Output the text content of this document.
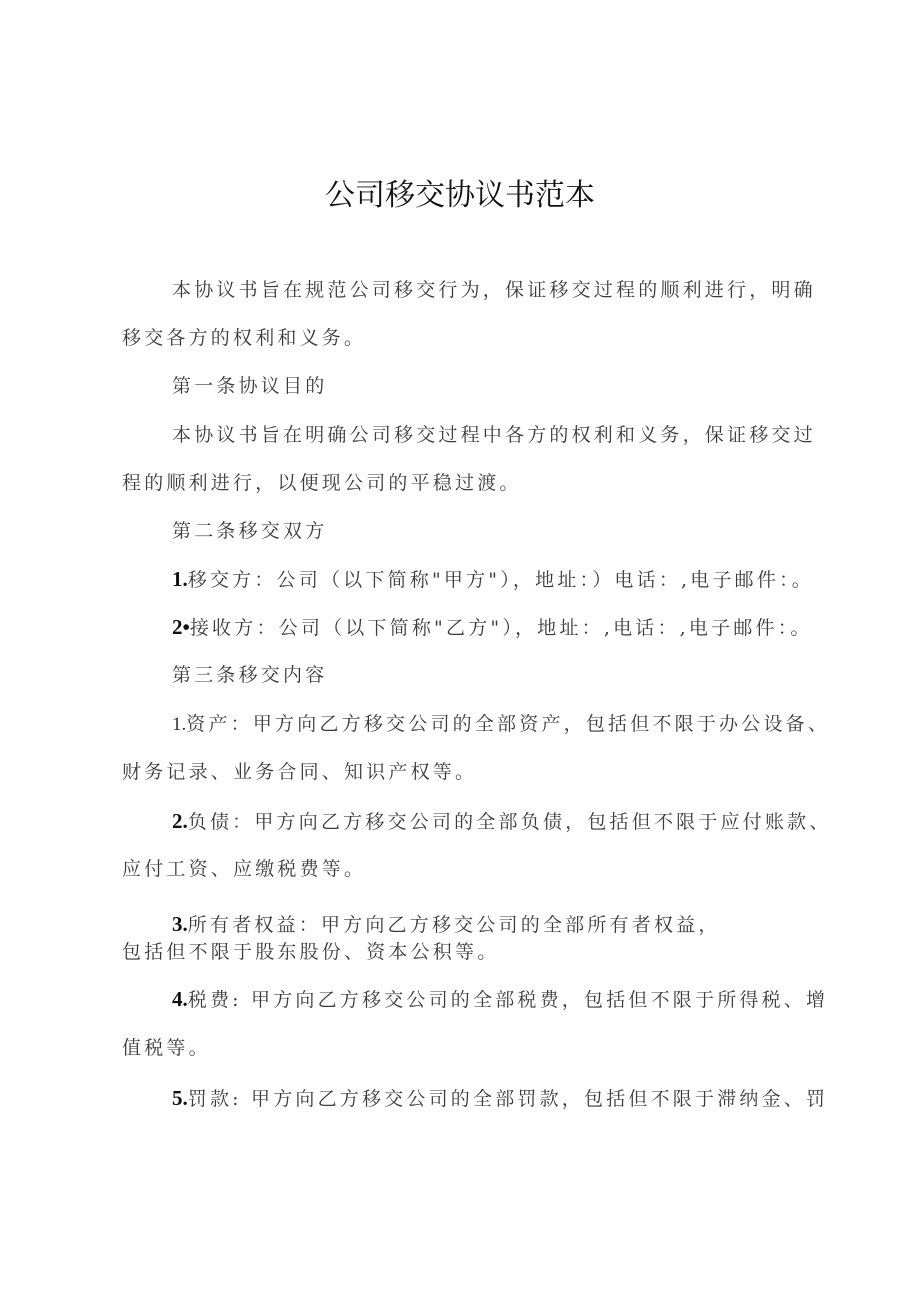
公司移交协议书范本
本协议书旨在规范公司移交行为，保证移交过程的顺利进行，明确
移交各方的权利和义务。
第一条协议目的
本协议书旨在明确公司移交过程中各方的权利和义务，保证移交过
程的顺利进行，以便现公司的平稳过渡。
第二条移交双方
1.移交方：公司（以下简称"甲方"），地址：）电话：,电子邮件：。
2•接收方：公司（以下简称"乙方"），地址：,电话：,电子邮件：。
第三条移交内容
1.资产：甲方向乙方移交公司的全部资产，包括但不限于办公设备、
财务记录、业务合同、知识产权等。
2.负债：甲方向乙方移交公司的全部负债，包括但不限于应付账款、
应付工资、应缴税费等。
3.所有者权益：甲方向乙方移交公司的全部所有者权益，
包括但不限于股东股份、资本公积等。
4.税费: 甲方向乙方移交公司的全部税费，包括但不限于所得税、增
值税等。
5.罚款: 甲方向乙方移交公司的全部罚款，包括但不限于滞纳金、罚
